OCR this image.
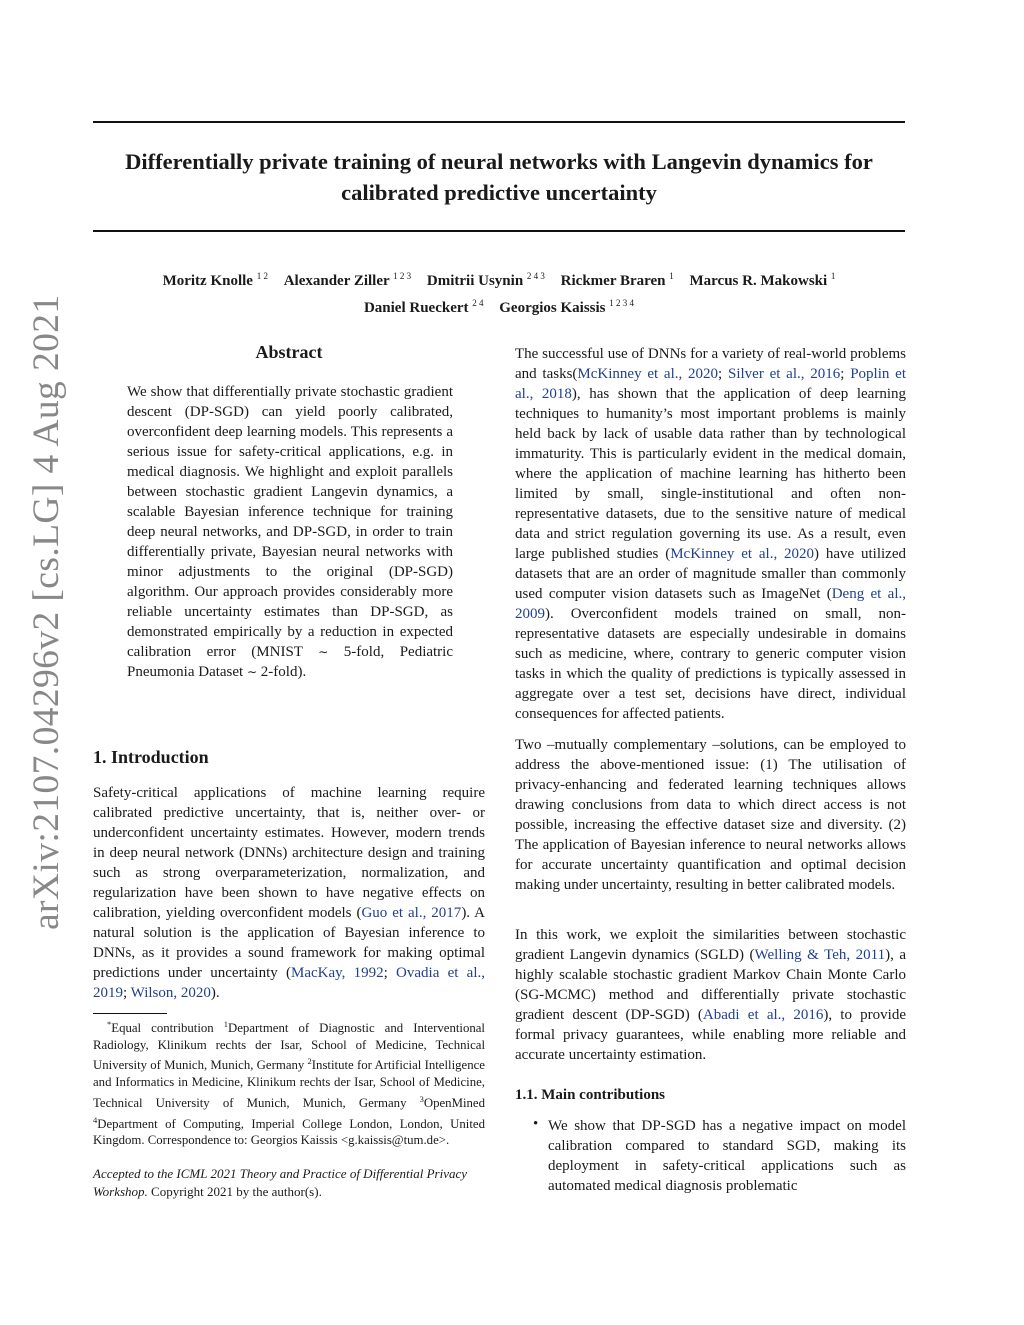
Differentially private training of neural networks with Langevin dynamics for
calibrated predictive uncertainty
Moritz Knolle $^{1 2}$ Alexander Ziller $^{1 2 3}$ Dmitrii Usynin $^{2 4 3}$ Rickmer Braren $^1$ Marcus R. Makowski $^1$
Daniel Rueckert $^{2 4}$ Georgios Kaissis $^{1 2 3 4}$
arXiv:2107.04296v2 [cs.LG] 4 Aug 2021	Abstract
We show that differentially private stochastic gradient descent (DP-SGD) can yield poorly calibrated, overconfident deep learning models. This represents a serious issue for safety-critical applications, e.g. in medical diagnosis. We highlight and exploit parallels between stochastic gradient Langevin dynamics, a scalable Bayesian inference technique for training deep neural networks, and DP-SGD, in order to train differentially private, Bayesian neural networks with minor adjustments to the original (DP-SGD) algorithm. Our approach provides considerably more reliable uncertainty estimates than DP-SGD, as demonstrated empirically by a reduction in expected calibration error (MNIST ∼ 5-fold, Pediatric Pneumonia Dataset ∼ 2-fold).
1. Introduction
Safety-critical applications of machine learning require calibrated predictive uncertainty, that is, neither over- or underconfident uncertainty estimates. However, modern trends in deep neural network (DNNs) architecture design and training such as strong overparameterization, normalization, and regularization have been shown to have negative effects on calibration, yielding overconfident models (Guo et al., 2017). A natural solution is the application of Bayesian inference to DNNs, as it provides a sound framework for making optimal predictions under uncertainty (MacKay, 1992; Ovadia et al., 2019; Wilson, 2020).
*Equal contribution $^1$Department of Diagnostic and Interventional Radiology, Klinikum rechts der Isar, School of Medicine, Technical University of Munich, Munich, Germany $^2$Institute for Artificial Intelligence and Informatics in Medicine, Klinikum rechts der Isar, School of Medicine, Technical University of Munich, Munich, Germany $^3$OpenMined $^4$Department of Computing, Imperial College London, London, United Kingdom. Correspondence to: Georgios Kaissis <g.kaissis@tum.de>.
Accepted to the ICML 2021 Theory and Practice of Differential Privacy Workshop. Copyright 2021 by the author(s).
The successful use of DNNs for a variety of real-world problems and tasks(McKinney et al., 2020; Silver et al., 2016; Poplin et al., 2018), has shown that the application of deep learning techniques to humanity’s most important problems is mainly held back by lack of usable data rather than by technological immaturity. This is particularly evident in the medical domain, where the application of machine learning has hitherto been limited by small, single-institutional and often non-representative datasets, due to the sensitive nature of medical data and strict regulation governing its use. As a result, even large published studies (McKinney et al., 2020) have utilized datasets that are an order of magnitude smaller than commonly used computer vision datasets such as ImageNet (Deng et al., 2009). Overconfident models trained on small, non-representative datasets are especially undesirable in domains such as medicine, where, contrary to generic computer vision tasks in which the quality of predictions is typically assessed in aggregate over a test set, decisions have direct, individual consequences for affected patients.
Two –mutually complementary –solutions, can be employed to address the above-mentioned issue: (1) The utilisation of privacy-enhancing and federated learning techniques allows drawing conclusions from data to which direct access is not possible, increasing the effective dataset size and diversity. (2) The application of Bayesian inference to neural networks allows for accurate uncertainty quantification and optimal decision making under uncertainty, resulting in better calibrated models.
In this work, we exploit the similarities between stochastic gradient Langevin dynamics (SGLD) (Welling & Teh, 2011), a highly scalable stochastic gradient Markov Chain Monte Carlo (SG-MCMC) method and differentially private stochastic gradient descent (DP-SGD) (Abadi et al., 2016), to provide formal privacy guarantees, while enabling more reliable and accurate uncertainty estimation.
1.1. Main contributions
• We show that DP-SGD has a negative impact on model calibration compared to standard SGD, making its deployment in safety-critical applications such as automated medical diagnosis problematic
